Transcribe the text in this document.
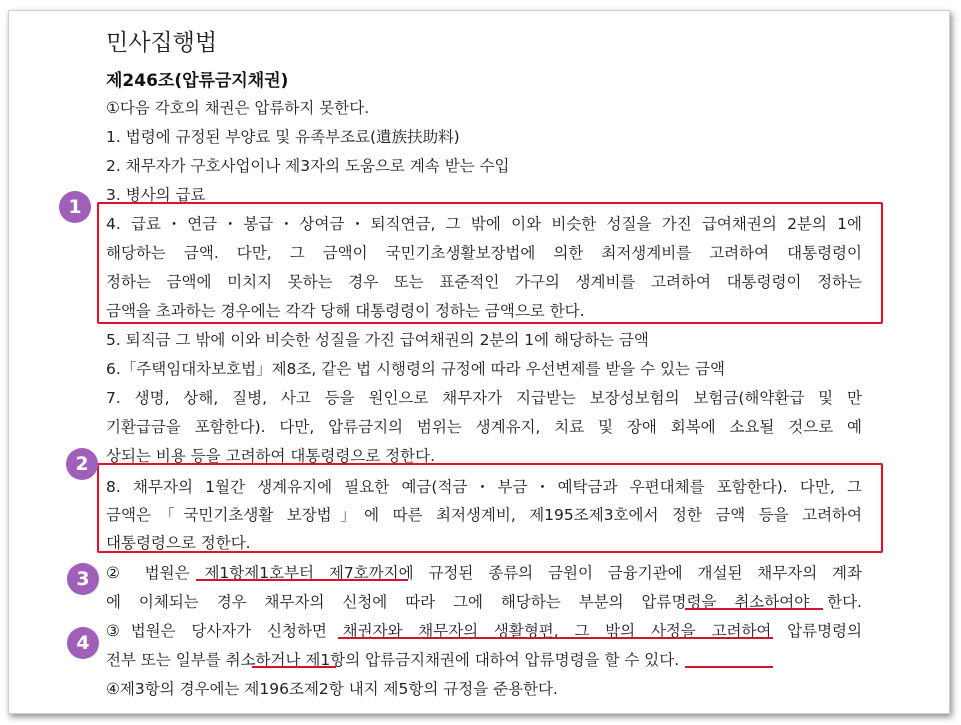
민사집행법
제246조(압류금지채권)
①다음 각호의 채권은 압류하지 못한다.
1. 법령에 규정된 부양료 및 유족부조료(遺族扶助料)
2. 채무자가 구호사업이나 제3자의 도움으로 계속 받는 수입
3. 병사의 급료
4. 급료・연금・봉급・상여금・퇴직연금, 그 밖에 이와 비슷한 성질을 가진 급여채권의 2분의 1에
해당하는 금액. 다만, 그 금액이 국민기초생활보장법에 의한 최저생계비를 고려하여 대통령령이
정하는 금액에 미치지 못하는 경우 또는 표준적인 가구의 생계비를 고려하여 대통령령이 정하는
금액을 초과하는 경우에는 각각 당해 대통령령이 정하는 금액으로 한다.
5. 퇴직금 그 밖에 이와 비슷한 성질을 가진 급여채권의 2분의 1에 해당하는 금액
6.「주택임대차보호법」제8조, 같은 법 시행령의 규정에 따라 우선변제를 받을 수 있는 금액
7. 생명, 상해, 질병, 사고 등을 원인으로 채무자가 지급받는 보장성보험의 보험금(해약환급 및 만
기환급금을 포함한다). 다만, 압류금지의 범위는 생계유지, 치료 및 장애 회복에 소요될 것으로 예
상되는 비용 등을 고려하여 대통령령으로 정한다.
8. 채무자의 1월간 생계유지에 필요한 예금(적금・부금・예탁금과 우편대체를 포함한다). 다만, 그
금액은「국민기초생활 보장법」에 따른 최저생계비, 제195조제3호에서 정한 금액 등을 고려하여
대통령령으로 정한다.
② 법원은 제1항제1호부터 제7호까지에 규정된 종류의 금원이 금융기관에 개설된 채무자의 계좌
에 이체되는 경우 채무자의 신청에 따라 그에 해당하는 부분의 압류명령을 취소하여야 한다.
③법원은 당사자가 신청하면 채권자와 채무자의 생활형편, 그 밖의 사정을 고려하여 압류명령의
전부 또는 일부를 취소하거나 제1항의 압류금지채권에 대하여 압류명령을 할 수 있다.
④제3항의 경우에는 제196조제2항 내지 제5항의 규정을 준용한다.
1
2
3
4
